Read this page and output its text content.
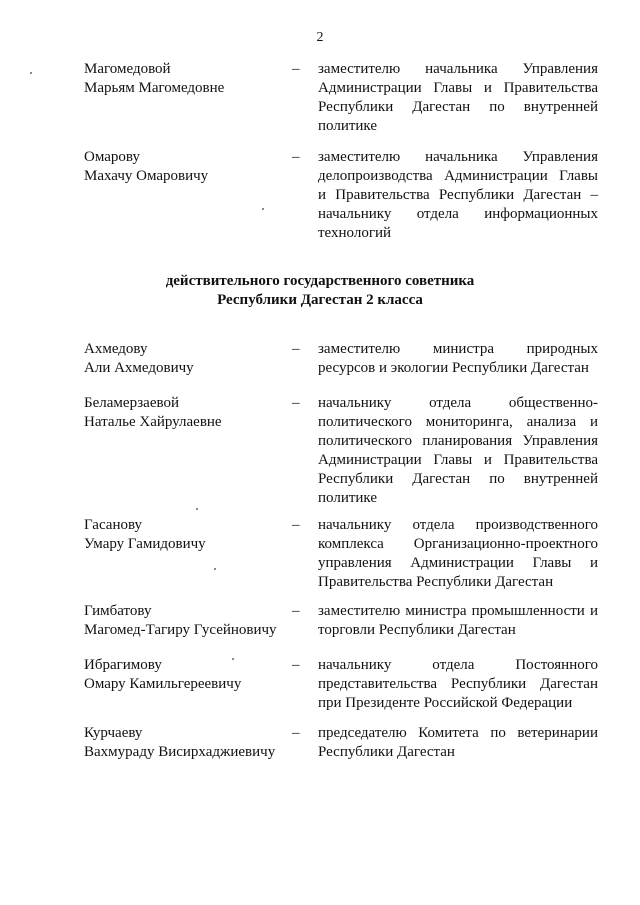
2
Магомедовой
Марьям Магомедовне
– заместителю начальника Управления
Администрации Главы и Правительства
Республики Дагестан по внутренней
политике
Омарову
Махачу Омаровичу
– заместителю начальника Управления
делопроизводства Администрации Главы
и Правительства Республики Дагестан –
начальнику отдела информационных
технологий
действительного государственного советника
Республики Дагестан 2 класса
Ахмедову
Али Ахмедовичу
– заместителю министра природных
ресурсов и экологии Республики Дагестан
Беламерзаевой
Наталье Хайрулаевне
– начальнику отдела общественно-
политического мониторинга, анализа и
политического планирования Управления
Администрации Главы и Правительства
Республики Дагестан по внутренней
политике
Гасанову
Умару Гамидовичу
– начальнику отдела производственного
комплекса Организационно-проектного
управления Администрации Главы и
Правительства Республики Дагестан
Гимбатову
Магомед-Тагиру Гусейновичу
– заместителю министра промышленности и
торговли Республики Дагестан
Ибрагимову
Омару Камильгереевичу
– начальнику отдела Постоянного
представительства Республики Дагестан
при Президенте Российской Федерации
Курчаеву
Вахмураду Висирхаджиевичу
– председателю Комитета по ветеринарии
Республики Дагестан
